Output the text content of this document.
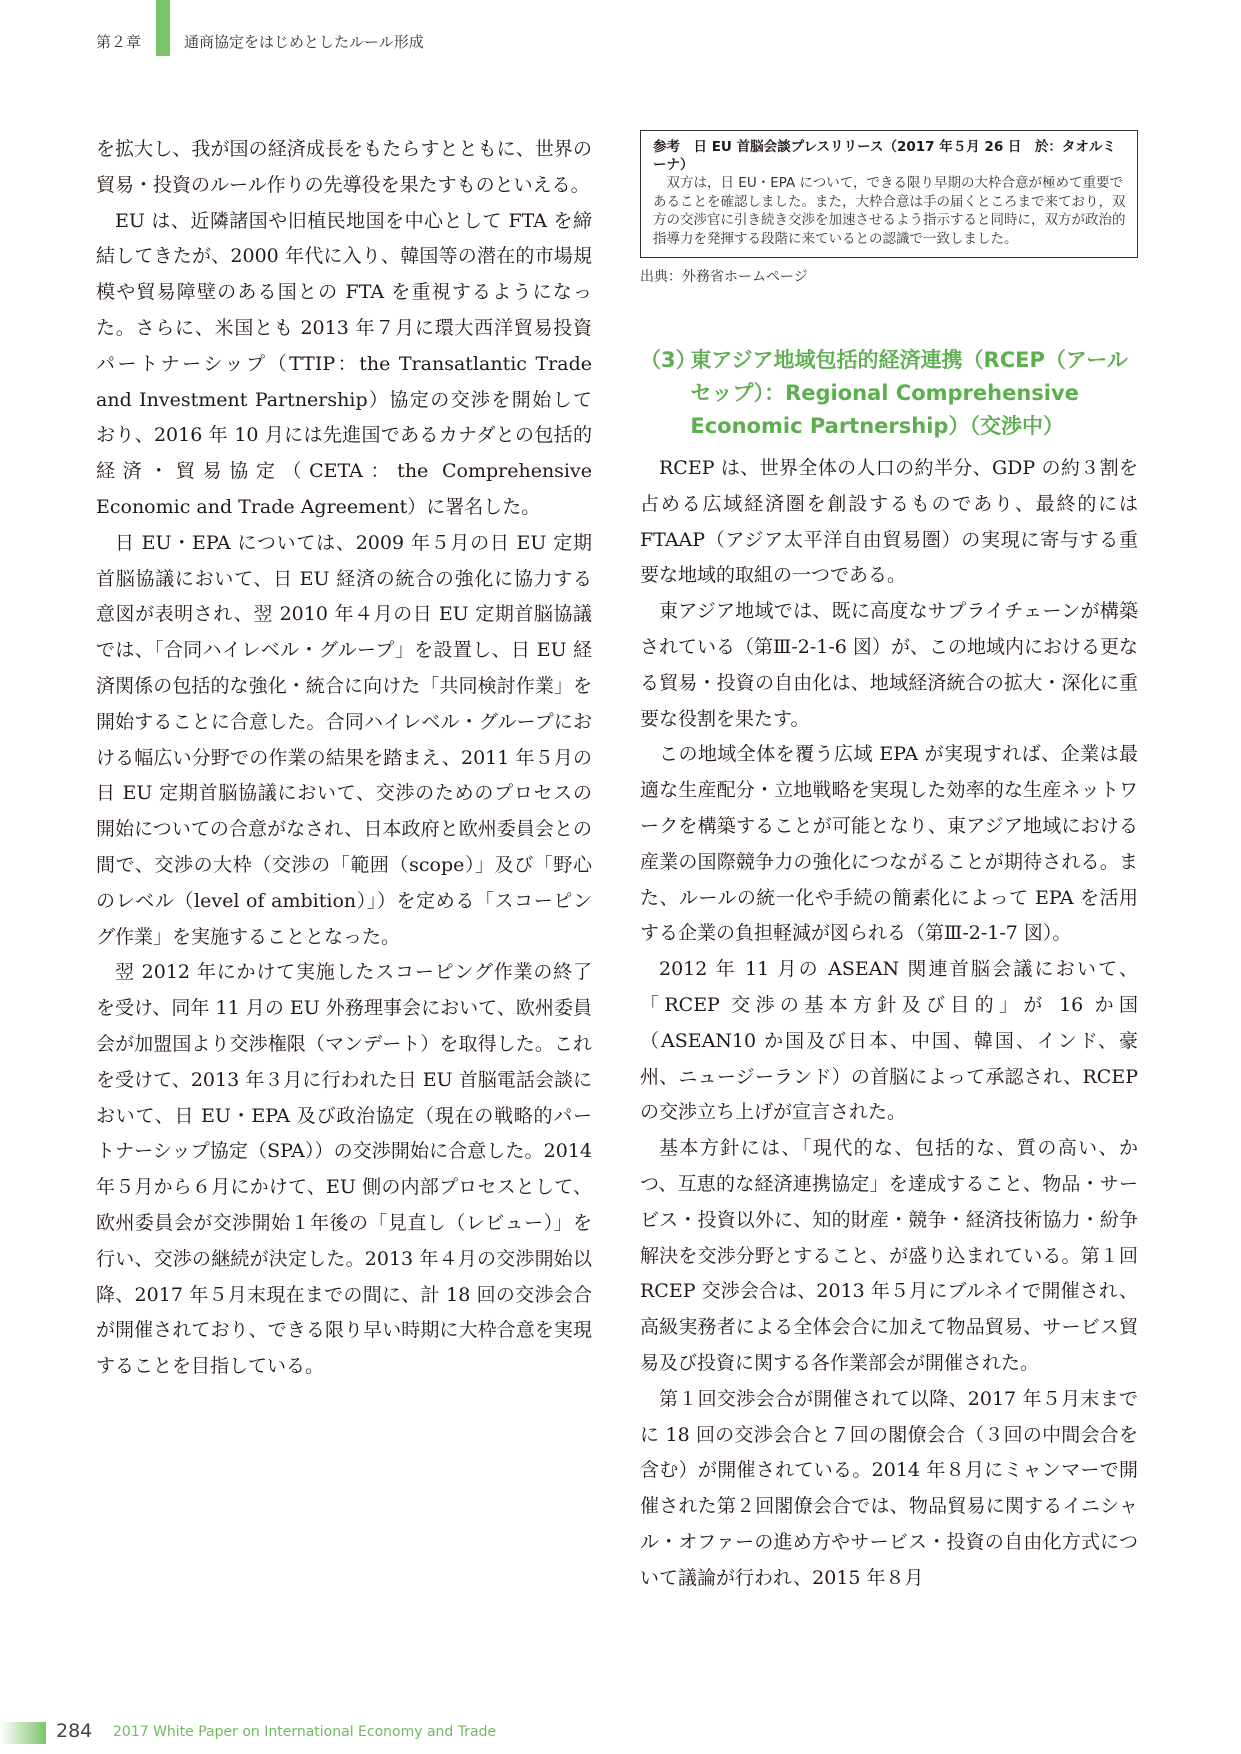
第２章	通商協定をはじめとしたルール形成

を拡大し、我が国の経済成長をもたらすとともに、世界の貿易・投資のルール作りの先導役を果たすものといえる。

EU は、近隣諸国や旧植民地国を中心として FTA を締結してきたが、2000 年代に入り、韓国等の潜在的市場規模や貿易障壁のある国との FTA を重視するようになった。さらに、米国とも 2013 年７月に環大西洋貿易投資パートナーシップ（TTIP：the Transatlantic Trade and Investment Partnership）協定の交渉を開始しており、2016 年 10 月には先進国であるカナダとの包括的経済・貿易協定（CETA：the Comprehensive Economic and Trade Agreement）に署名した。

日 EU・EPA については、2009 年５月の日 EU 定期首脳協議において、日 EU 経済の統合の強化に協力する意図が表明され、翌 2010 年４月の日 EU 定期首脳協議では、「合同ハイレベル・グループ」を設置し、日 EU 経済関係の包括的な強化・統合に向けた「共同検討作業」を開始することに合意した。合同ハイレベル・グループにおける幅広い分野での作業の結果を踏まえ、2011 年５月の日 EU 定期首脳協議において、交渉のためのプロセスの開始についての合意がなされ、日本政府と欧州委員会との間で、交渉の大枠（交渉の「範囲（scope）」及び「野心のレベル（level of ambition）」）を定める「スコーピング作業」を実施することとなった。

翌 2012 年にかけて実施したスコーピング作業の終了を受け、同年 11 月の EU 外務理事会において、欧州委員会が加盟国より交渉権限（マンデート）を取得した。これを受けて、2013 年３月に行われた日 EU 首脳電話会談において、日 EU・EPA 及び政治協定（現在の戦略的パートナーシップ協定（SPA））の交渉開始に合意した。2014 年５月から６月にかけて、EU 側の内部プロセスとして、欧州委員会が交渉開始１年後の「見直し（レビュー）」を行い、交渉の継続が決定した。2013 年４月の交渉開始以降、2017 年５月末現在までの間に、計 18 回の交渉会合が開催されており、できる限り早い時期に大枠合意を実現することを目指している。

参考　日 EU 首脳会談プレスリリース（2017 年５月 26 日　於：タオルミーナ）
双方は，日 EU・EPA について，できる限り早期の大枠合意が極めて重要であることを確認しました。また，大枠合意は手の届くところまで来ており，双方の交渉官に引き続き交渉を加速させるよう指示すると同時に，双方が政治的指導力を発揮する段階に来ているとの認識で一致しました。
出典：外務省ホームページ
（3）東アジア地域包括的経済連携（RCEP（アールセップ）：Regional Comprehensive Economic Partnership）（交渉中）

RCEP は、世界全体の人口の約半分、GDP の約３割を占める広域経済圏を創設するものであり、最終的には FTAAP（アジア太平洋自由貿易圏）の実現に寄与する重要な地域的取組の一つである。

東アジア地域では、既に高度なサプライチェーンが構築されている（第Ⅲ-2-1-6 図）が、この地域内における更なる貿易・投資の自由化は、地域経済統合の拡大・深化に重要な役割を果たす。

この地域全体を覆う広域 EPA が実現すれば、企業は最適な生産配分・立地戦略を実現した効率的な生産ネットワークを構築することが可能となり、東アジア地域における産業の国際競争力の強化につながることが期待される。また、ルールの統一化や手続の簡素化によって EPA を活用する企業の負担軽減が図られる（第Ⅲ-2-1-7 図）。

2012 年 11 月の ASEAN 関連首脳会議において、「RCEP 交渉の基本方針及び目的」が 16 か国（ASEAN10 か国及び日本、中国、韓国、インド、豪州、ニュージーランド）の首脳によって承認され、RCEP の交渉立ち上げが宣言された。

基本方針には、「現代的な、包括的な、質の高い、かつ、互恵的な経済連携協定」を達成すること、物品・サービス・投資以外に、知的財産・競争・経済技術協力・紛争解決を交渉分野とすること、が盛り込まれている。第１回 RCEP 交渉会合は、2013 年５月にブルネイで開催され、高級実務者による全体会合に加えて物品貿易、サービス貿易及び投資に関する各作業部会が開催された。

第１回交渉会合が開催されて以降、2017 年５月末までに 18 回の交渉会合と７回の閣僚会合（３回の中間会合を含む）が開催されている。2014 年８月にミャンマーで開催された第２回閣僚会合では、物品貿易に関するイニシャル・オファーの進め方やサービス・投資の自由化方式について議論が行われ、2015 年８月

284 2017 White Paper on International Economy and Trade
